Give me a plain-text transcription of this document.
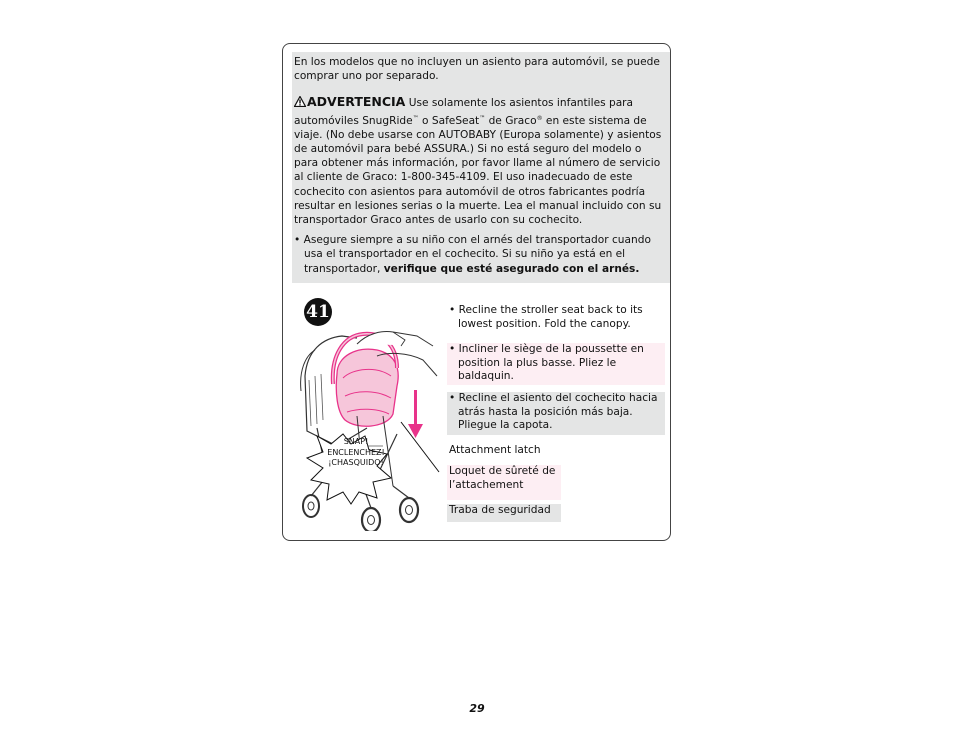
En los modelos que no incluyen un asiento para automóvil, se puede comprar uno por separado.

ADVERTENCIA Use solamente los asientos infantiles para automóviles SnugRide™ o SafeSeat™ de Graco® en este sistema de viaje. (No debe usarse con AUTOBABY (Europa solamente) y asientos de automóvil para bebé ASSURA.) Si no está seguro del modelo o para obtener más información, por favor llame al número de servicio al cliente de Graco: 1-800-345-4109. El uso inadecuado de este cochecito con asientos para automóvil de otros fabricantes podría resultar en lesiones serias o la muerte. Lea el manual incluido con su transportador Graco antes de usarlo con su cochecito.

• Asegure siempre a su niño con el arnés del transportador cuando usa el transportador en el cochecito. Si su niño ya está en el transportador, verifique que esté asegurado con el arnés.

41
SNAP!
ENCLENCHEZ!
¡CHASQUIDO!
• Recline the stroller seat back to its lowest position. Fold the canopy.
• Incliner le siège de la poussette en position la plus basse. Pliez le baldaquin.
• Recline el asiento del cochecito hacia atrás hasta la posición más baja. Pliegue la capota.
Attachment latch
Loquet de sûreté de l’attachement
Traba de seguridad
29
